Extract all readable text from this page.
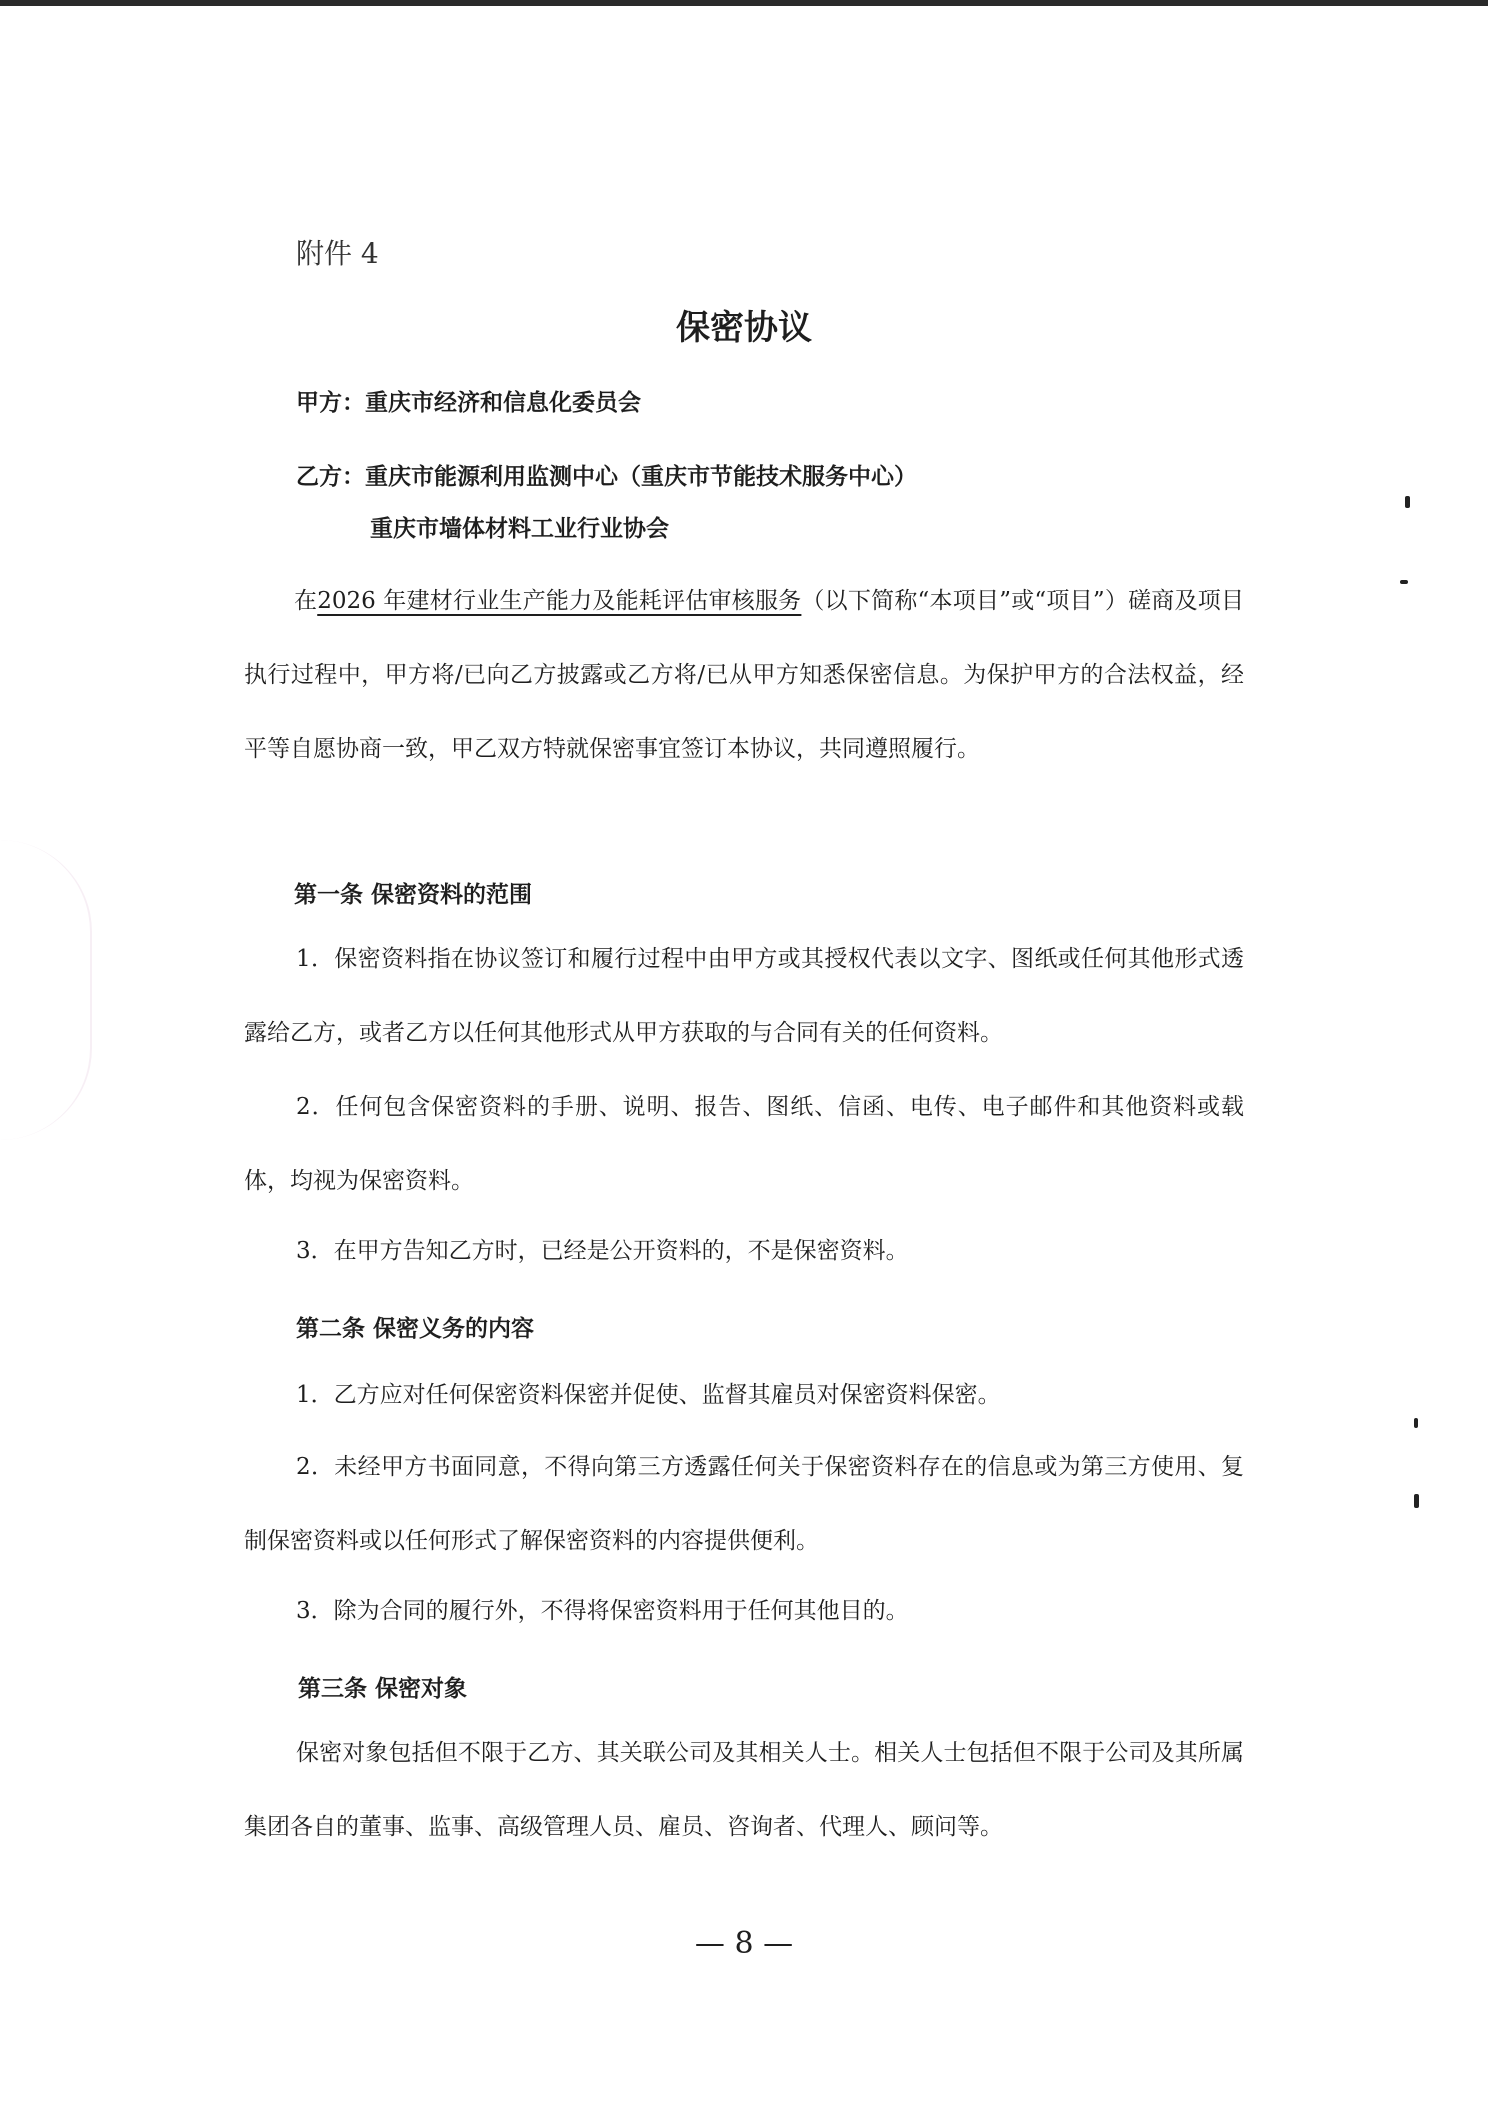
附件 4
保密协议
甲方：重庆市经济和信息化委员会
乙方：重庆市能源利用监测中心（重庆市节能技术服务中心）
重庆市墙体材料工业行业协会
在2026 年建材行业生产能力及能耗评估审核服务（以下简称“本项目”或“项目”）磋商及项目执行过程中，甲方将/已向乙方披露或乙方将/已从甲方知悉保密信息。为保护甲方的合法权益，经平等自愿协商一致，甲乙双方特就保密事宜签订本协议，共同遵照履行。
第一条 保密资料的范围
1．保密资料指在协议签订和履行过程中由甲方或其授权代表以文字、图纸或任何其他形式透露给乙方，或者乙方以任何其他形式从甲方获取的与合同有关的任何资料。
2．任何包含保密资料的手册、说明、报告、图纸、信函、电传、电子邮件和其他资料或载体，均视为保密资料。
3．在甲方告知乙方时，已经是公开资料的，不是保密资料。
第二条 保密义务的内容
1．乙方应对任何保密资料保密并促使、监督其雇员对保密资料保密。
2．未经甲方书面同意，不得向第三方透露任何关于保密资料存在的信息或为第三方使用、复制保密资料或以任何形式了解保密资料的内容提供便利。
3．除为合同的履行外，不得将保密资料用于任何其他目的。
第三条 保密对象
保密对象包括但不限于乙方、其关联公司及其相关人士。相关人士包括但不限于公司及其所属集团各自的董事、监事、高级管理人员、雇员、咨询者、代理人、顾问等。
— 8 —
